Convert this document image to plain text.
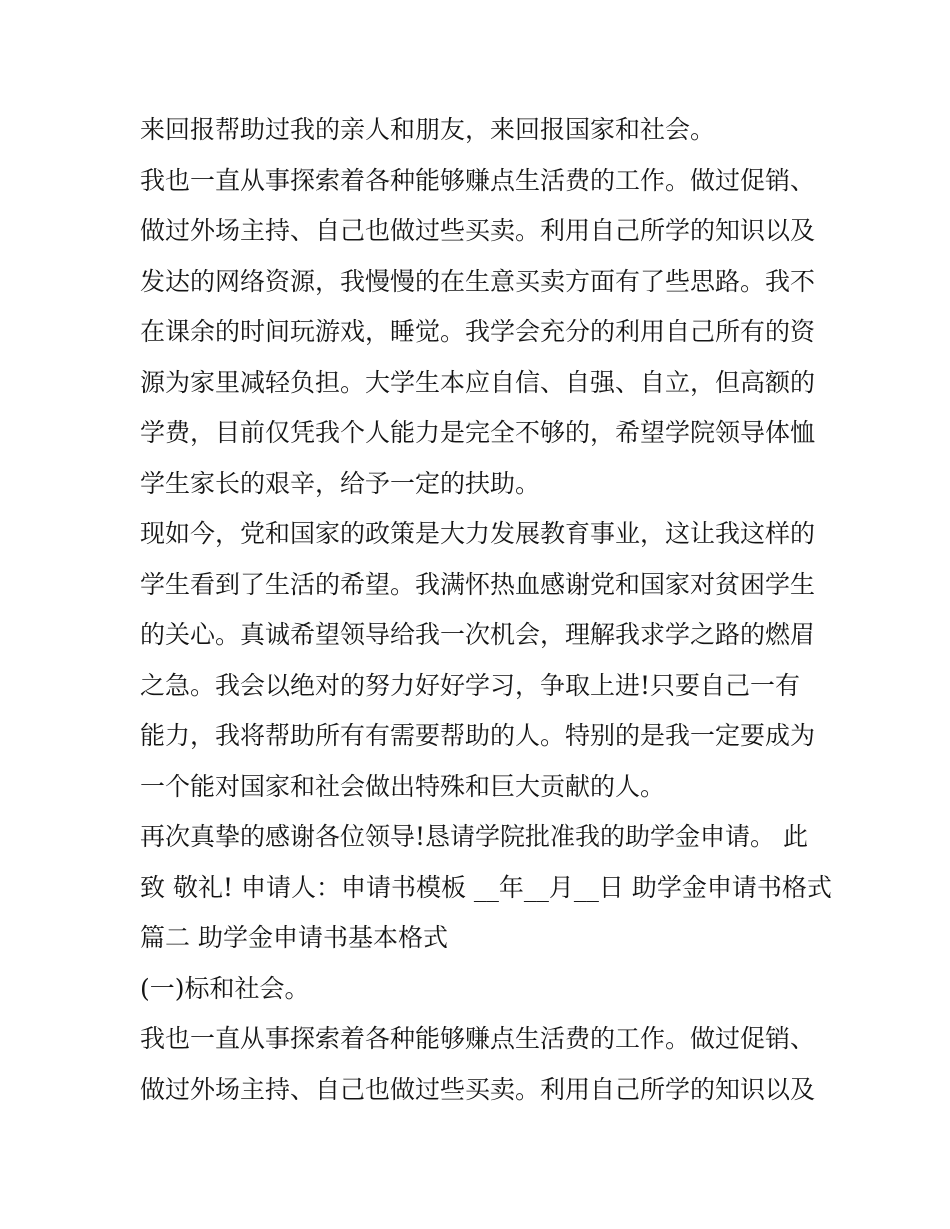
来回报帮助过我的亲人和朋友，来回报国家和社会。
我也一直从事探索着各种能够赚点生活费的工作。做过促销、
做过外场主持、自己也做过些买卖。利用自己所学的知识以及
发达的网络资源，我慢慢的在生意买卖方面有了些思路。我不
在课余的时间玩游戏，睡觉。我学会充分的利用自己所有的资
源为家里减轻负担。大学生本应自信、自强、自立，但高额的
学费，目前仅凭我个人能力是完全不够的，希望学院领导体恤
学生家长的艰辛，给予一定的扶助。
现如今，党和国家的政策是大力发展教育事业，这让我这样的
学生看到了生活的希望。我满怀热血感谢党和国家对贫困学生
的关心。真诚希望领导给我一次机会，理解我求学之路的燃眉
之急。我会以绝对的努力好好学习，争取上进!只要自己一有
能力，我将帮助所有有需要帮助的人。特别的是我一定要成为
一个能对国家和社会做出特殊和巨大贡献的人。
再次真挚的感谢各位领导!恳请学院批准我的助学金申请。 此
致 敬礼! 申请人：申请书模板 __年__月__日 助学金申请书格式
篇二 助学金申请书基本格式
(一)标和社会。
我也一直从事探索着各种能够赚点生活费的工作。做过促销、
做过外场主持、自己也做过些买卖。利用自己所学的知识以及
